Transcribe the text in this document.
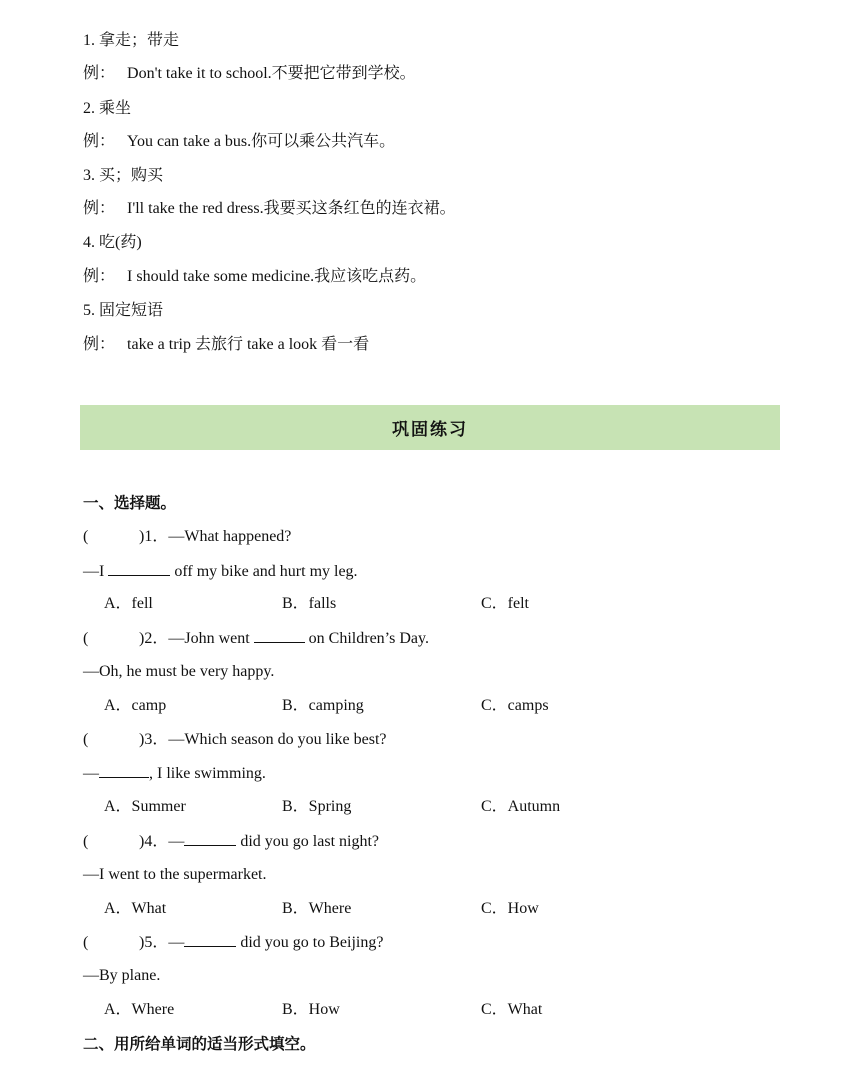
1. 拿走；带走
例： Don't take it to school.不要把它带到学校。
2. 乘坐
例： You can take a bus.你可以乘公共汽车。
3. 买；购买
例： I'll take the red dress.我要买这条红色的连衣裙。
4. 吃(药)
例： I should take some medicine.我应该吃点药。
5. 固定短语
例： take a trip 去旅行 take a look 看一看
巩固练习
一、选择题。
(	)1．—What happened?
—I	off my bike and hurt my leg.
A．fell	B．falls	C．felt
(	)2．—John went	on Children’s Day.
—Oh, he must be very happy.
A．camp	B．camping	C．camps
(	)3．—Which season do you like best?
—	, I like swimming.
A．Summer	B．Spring	C．Autumn
(	)4．—	did you go last night?
—I went to the supermarket.
A．What	B．Where	C．How
(	)5．—	did you go to Beijing?
—By plane.
A．Where	B．How	C．What
二、用所给单词的适当形式填空。
